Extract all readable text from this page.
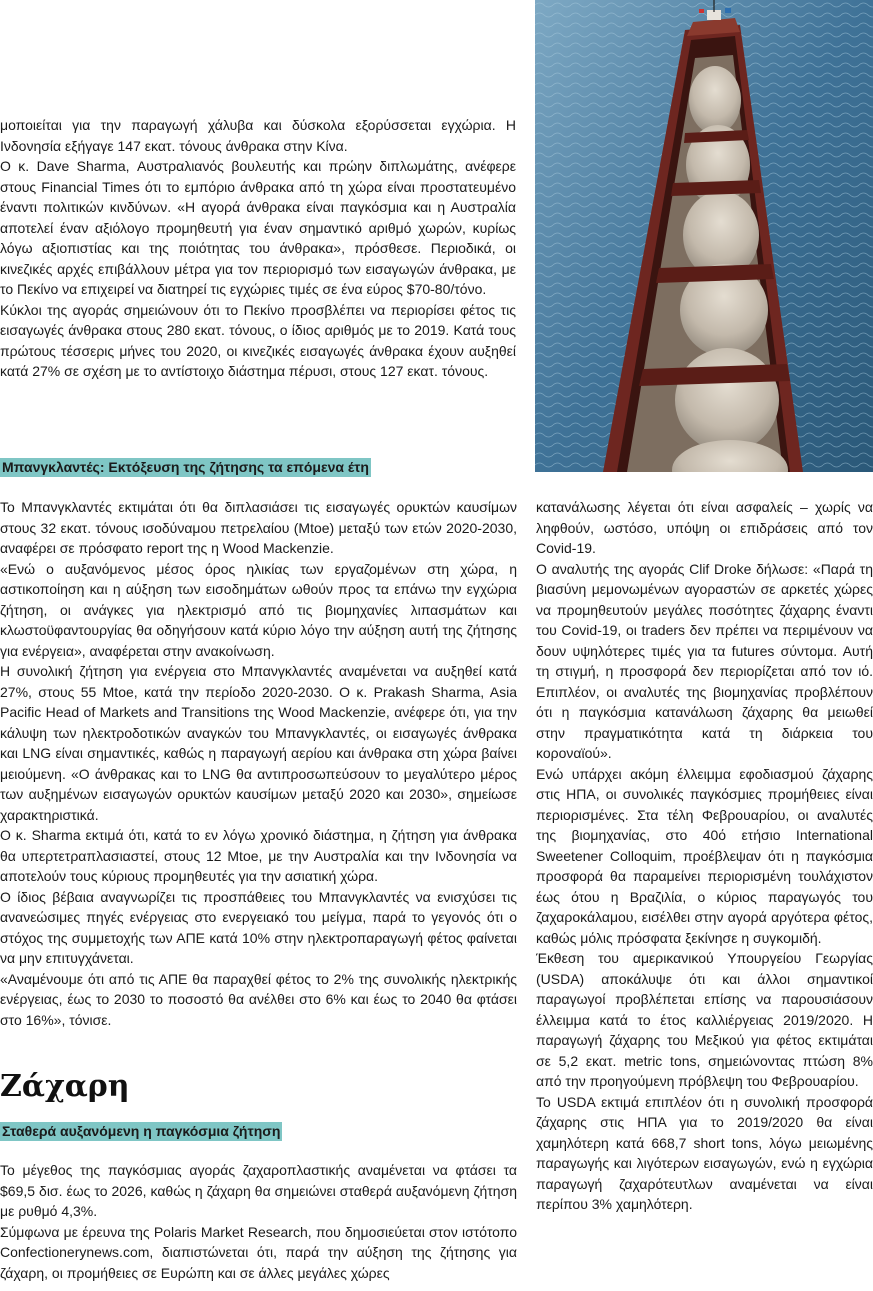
μοποιείται για την παραγωγή χάλυβα και δύσκολα εξορύσσεται εγχώρια. Η Ινδονησία εξήγαγε 147 εκατ. τόνους άνθρακα στην Κίνα.

Ο κ. Dave Sharma, Αυστραλιανός βουλευτής και πρώην διπλωμάτης, ανέφερε στους Financial Times ότι το εμπόριο άνθρακα από τη χώρα είναι προστατευμένο έναντι πολιτικών κινδύνων. «Η αγορά άνθρακα είναι παγκόσμια και η Αυστραλία αποτελεί έναν αξιόλογο προμηθευτή για έναν σημαντικό αριθμό χωρών, κυρίως λόγω αξιοπιστίας και της ποιότητας του άνθρακα», πρόσθεσε. Περιοδικά, οι κινεζικές αρχές επιβάλλουν μέτρα για τον περιορισμό των εισαγωγών άνθρακα, με το Πεκίνο να επιχειρεί να διατηρεί τις εγχώριες τιμές σε ένα εύρος $70-80/τόνο.

Κύκλοι της αγοράς σημειώνουν ότι το Πεκίνο προσβλέπει να περιορίσει φέτος τις εισαγωγές άνθρακα στους 280 εκατ. τόνους, ο ίδιος αριθμός με το 2019. Κατά τους πρώτους τέσσερις μήνες του 2020, οι κινεζικές εισαγωγές άνθρακα έχουν αυξηθεί κατά 27% σε σχέση με το αντίστοιχο διάστημα πέρυσι, στους 127 εκατ. τόνους.

Μπανγκλαντές: Εκτόξευση της ζήτησης τα επόμενα έτη

Το Μπανγκλαντές εκτιμάται ότι θα διπλασιάσει τις εισαγωγές ορυκτών καυσίμων στους 32 εκατ. τόνους ισοδύναμου πετρελαίου (Mtoe) μεταξύ των ετών 2020-2030, αναφέρει σε πρόσφατο report της η Wood Mackenzie.

«Ενώ ο αυξανόμενος μέσος όρος ηλικίας των εργαζομένων στη χώρα, η αστικοποίηση και η αύξηση των εισοδημάτων ωθούν προς τα επάνω την εγχώρια ζήτηση, οι ανάγκες για ηλεκτρισμό από τις βιομηχανίες λιπασμάτων και κλωστοϋφαντουργίας θα οδηγήσουν κατά κύριο λόγο την αύξηση αυτή της ζήτησης για ενέργεια», αναφέρεται στην ανακοίνωση.

Η συνολική ζήτηση για ενέργεια στο Μπανγκλαντές αναμένεται να αυξηθεί κατά 27%, στους 55 Mtoe, κατά την περίοδο 2020-2030. Ο κ. Prakash Sharma, Asia Pacific Head of Markets and Transitions της Wood Mackenzie, ανέφερε ότι, για την κάλυψη των ηλεκτροδοτικών αναγκών του Μπανγκλαντές, οι εισαγωγές άνθρακα και LNG είναι σημαντικές, καθώς η παραγωγή αερίου και άνθρακα στη χώρα βαίνει μειούμενη. «Ο άνθρακας και το LNG θα αντιπροσωπεύσουν το μεγαλύτερο μέρος των αυξημένων εισαγωγών ορυκτών καυσίμων μεταξύ 2020 και 2030», σημείωσε χαρακτηριστικά.

Ο κ. Sharma εκτιμά ότι, κατά το εν λόγω χρονικό διάστημα, η ζήτηση για άνθρακα θα υπερτετραπλασιαστεί, στους 12 Mtoe, με την Αυστραλία και την Ινδονησία να αποτελούν τους κύριους προμηθευτές για την ασιατική χώρα.

Ο ίδιος βέβαια αναγνωρίζει τις προσπάθειες του Μπανγκλαντές να ενισχύσει τις ανανεώσιμες πηγές ενέργειας στο ενεργειακό του μείγμα, παρά το γεγονός ότι ο στόχος της συμμετοχής των ΑΠΕ κατά 10% στην ηλεκτροπαραγωγή φέτος φαίνεται να μην επιτυγχάνεται.

«Αναμένουμε ότι από τις ΑΠΕ θα παραχθεί φέτος το 2% της συνολικής ηλεκτρικής ενέργειας, έως το 2030 το ποσοστό θα ανέλθει στο 6% και έως το 2040 θα φτάσει στο 16%», τόνισε.

Ζάχαρη
Σταθερά αυξανόμενη η παγκόσμια ζήτηση

Το μέγεθος της παγκόσμιας αγοράς ζαχαροπλαστικής αναμένεται να φτάσει τα $69,5 δισ. έως το 2026, καθώς η ζάχαρη θα σημειώνει σταθερά αυξανόμενη ζήτηση με ρυθμό 4,3%.

Σύμφωνα με έρευνα της Polaris Market Research, που δημοσιεύεται στον ιστότοπο Confectionerynews.com, διαπιστώνεται ότι, παρά την αύξηση της ζήτησης για ζάχαρη, οι προμήθειες σε Ευρώπη και σε άλλες μεγάλες χώρες

κατανάλωσης λέγεται ότι είναι ασφαλείς – χωρίς να ληφθούν, ωστόσο, υπόψη οι επιδράσεις από τον Covid-19.

Ο αναλυτής της αγοράς Clif Droke δήλωσε: «Παρά τη βιασύνη μεμονωμένων αγοραστών σε αρκετές χώρες να προμηθευτούν μεγάλες ποσότητες ζάχαρης έναντι του Covid-19, οι traders δεν πρέπει να περιμένουν να δουν υψηλότερες τιμές για τα futures σύντομα. Αυτή τη στιγμή, η προσφορά δεν περιορίζεται από τον ιό. Επιπλέον, οι αναλυτές της βιομηχανίας προβλέπουν ότι η παγκόσμια κατανάλωση ζάχαρης θα μειωθεί στην πραγματικότητα κατά τη διάρκεια του κοροναϊού».

Ενώ υπάρχει ακόμη έλλειμμα εφοδιασμού ζάχαρης στις ΗΠΑ, οι συνολικές παγκόσμιες προμήθειες είναι περιορισμένες. Στα τέλη Φεβρουαρίου, οι αναλυτές της βιομηχανίας, στο 40ό ετήσιο International Sweetener Colloquim, προέβλεψαν ότι η παγκόσμια προσφορά θα παραμείνει περιορισμένη τουλάχιστον έως ότου η Βραζιλία, ο κύριος παραγωγός του ζαχαροκάλαμου, εισέλθει στην αγορά αργότερα φέτος, καθώς μόλις πρόσφατα ξεκίνησε η συγκομιδή.

Έκθεση του αμερικανικού Υπουργείου Γεωργίας (USDA) αποκάλυψε ότι και άλλοι σημαντικοί παραγωγοί προβλέπεται επίσης να παρουσιάσουν έλλειμμα κατά το έτος καλλιέργειας 2019/2020. Η παραγωγή ζάχαρης του Μεξικού για φέτος εκτιμάται σε 5,2 εκατ. metric tons, σημειώνοντας πτώση 8% από την προηγούμενη πρόβλεψη του Φεβρουαρίου.

Το USDA εκτιμά επιπλέον ότι η συνολική προσφορά ζάχαρης στις ΗΠΑ για το 2019/2020 θα είναι χαμηλότερη κατά 668,7 short tons, λόγω μειωμένης παραγωγής και λιγότερων εισαγωγών, ενώ η εγχώρια παραγωγή ζαχαρότευτλων αναμένεται να είναι περίπου 3% χαμηλότερη.
